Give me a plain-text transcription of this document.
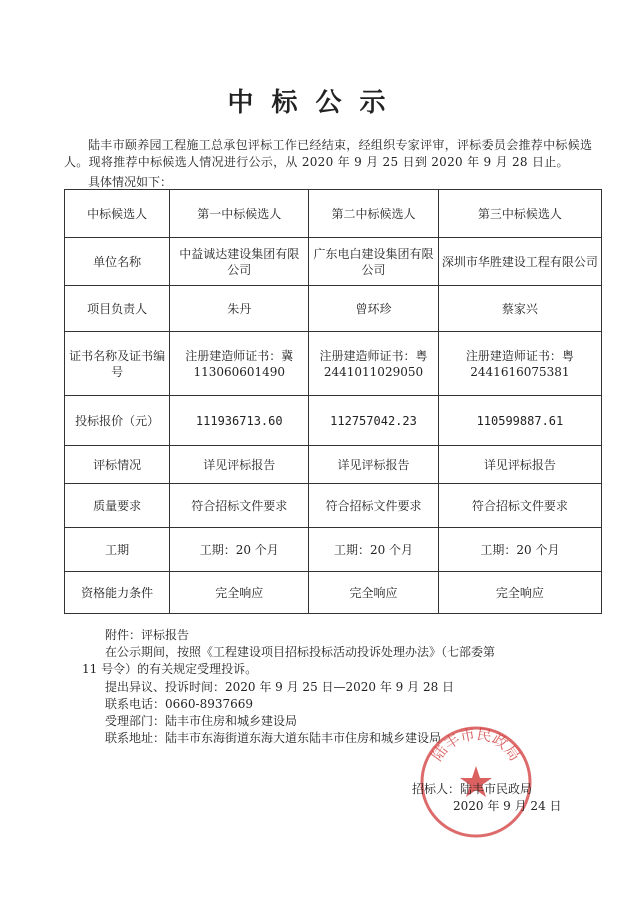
中标公示
陆丰市颐养园工程施工总承包评标工作已经结束，经组织专家评审，评标委员会推荐中标候选人。现将推荐中标候选人情况进行公示，从 2020 年 9 月 25 日到 2020 年 9 月 28 日止。
具体情况如下：
中标候选人	第一中标候选人	第二中标候选人	第三中标候选人
单位名称	中益诚达建设集团有限公司	广东电白建设集团有限公司	深圳市华胜建设工程有限公司
项目负责人	朱丹	曾环珍	蔡家兴
证书名称及证书编号	注册建造师证书：冀113060601490	注册建造师证书：粤2441011029050	注册建造师证书：粤2441616075381
投标报价（元）	111936713.60	112757042.23	110599887.61
评标情况	详见评标报告	详见评标报告	详见评标报告
质量要求	符合招标文件要求	符合招标文件要求	符合招标文件要求
工期	工期：20 个月	工期：20 个月	工期：20 个月
资格能力条件	完全响应	完全响应	完全响应
附件：评标报告
在公示期间，按照《工程建设项目招标投标活动投诉处理办法》（七部委第
11 号令）的有关规定受理投诉。
提出异议、投诉时间：2020 年 9 月 25 日—2020 年 9 月 28 日
联系电话：0660-8937669
受理部门：陆丰市住房和城乡建设局
联系地址：陆丰市东海街道东海大道东陆丰市住房和城乡建设局
陆丰市民政局
招标人：陆丰市民政局
2020 年 9 月 24 日
